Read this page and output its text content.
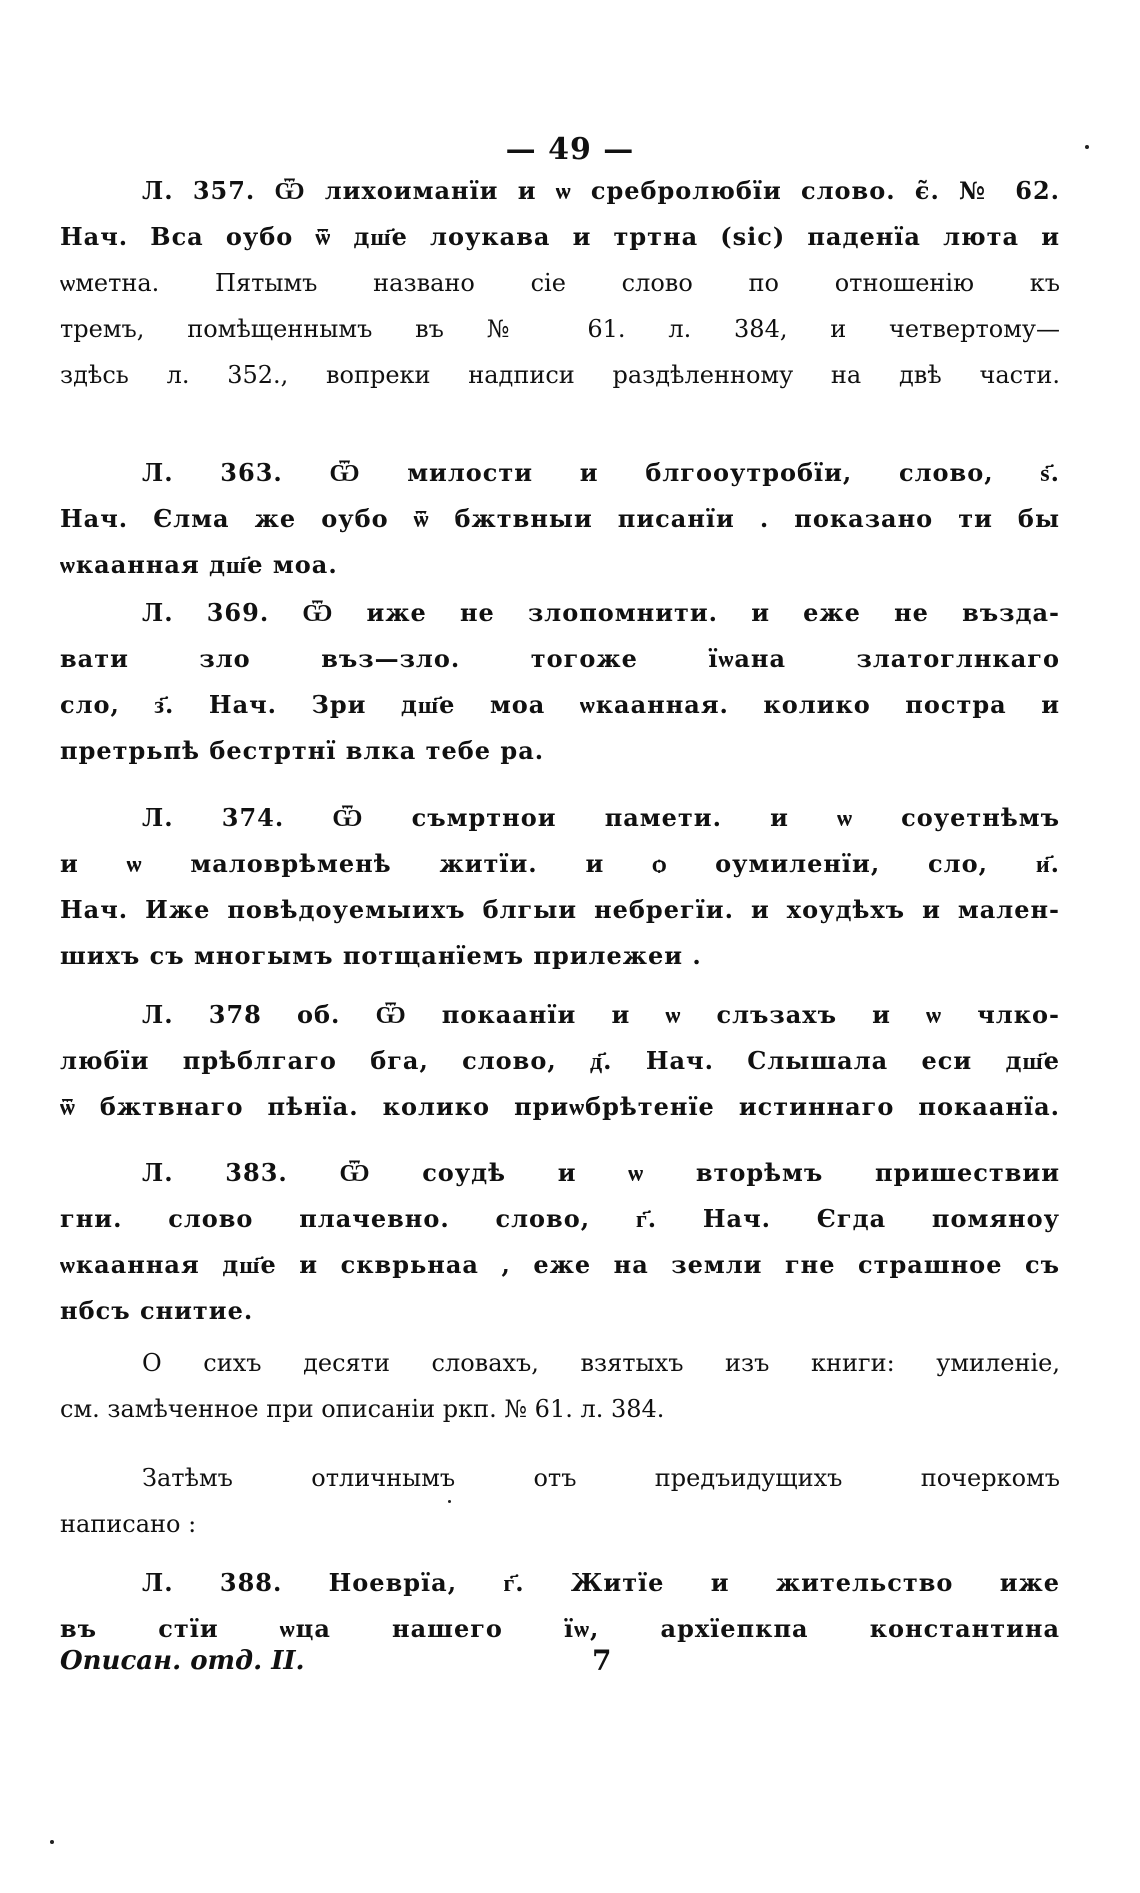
— 49 —
Л. 357. Ѿ лихоиманїи и ѡ сребролюбїи слово. є̃. № 62.
Нач. Вса оубо ѿ дш҃е лоукава и тртна (sic) паденїа люта и
ѡметна. Пятымъ названо сіе слово по отношенію къ
тремъ, помѣщеннымъ въ № 61. л. 384, и четвертому—
здѣсь л. 352., вопреки надписи раздѣленному на двѣ части.
Л. 363. Ѿ милости и блгооутробїи, слово, ѕ҃.
Нач. Єлма же оубо ѿ бжтвныи писанїи . показано ти бы
ѡкаанная дш҃е моа.
Л. 369. Ѿ иже не злопомнити. и еже не възда-
вати зло въз—зло. тогоже їѡана златоглнкаго
сло, з҃. Нач. Зри дш҃е моа ѡкаанная. колико постра и
претрьпѣ бестртнї влка тебе ра.
Л. 374. Ѿ съмртнои памети. и ѡ соуетнѣмъ
и ѡ маловрѣменѣ житїи. и ѻ оумиленїи, сло, и҃.
Нач. Иже повѣдоуемыихъ блгыи небрегїи. и хоудѣхъ и мален-
шихъ съ многымъ потщанїемъ прилежеи .
Л. 378 об. Ѿ покаанїи и ѡ слъзахъ и ѡ члко-
любїи прѣблгаго бга, слово, д҃. Нач. Слышала еси дш҃е
ѿ бжтвнаго пѣнїа. колико приѡбрѣтенїе истиннаго покаанїа.
Л. 383. Ѿ соудѣ и ѡ вторѣмъ пришествии
гни. слово плачевно. слово, г҃. Нач. Єгда помяноу
ѡкаанная дш҃е и скврьнаа , еже на земли гне страшное съ
нбсъ снитие.
О сихъ десяти словахъ, взятыхъ изъ книги: умиленіе,
см. замѣченное при описаніи ркп. № 61. л. 384.
Затѣмъ отличнымъ отъ предъидущихъ почеркомъ
написано :
Л. 388. Ноеврїа, г҃. Житїе и жительство иже
въ стїи ѡца нашего їѡ, архїепкпа константина
Описан. отд. II.	7
